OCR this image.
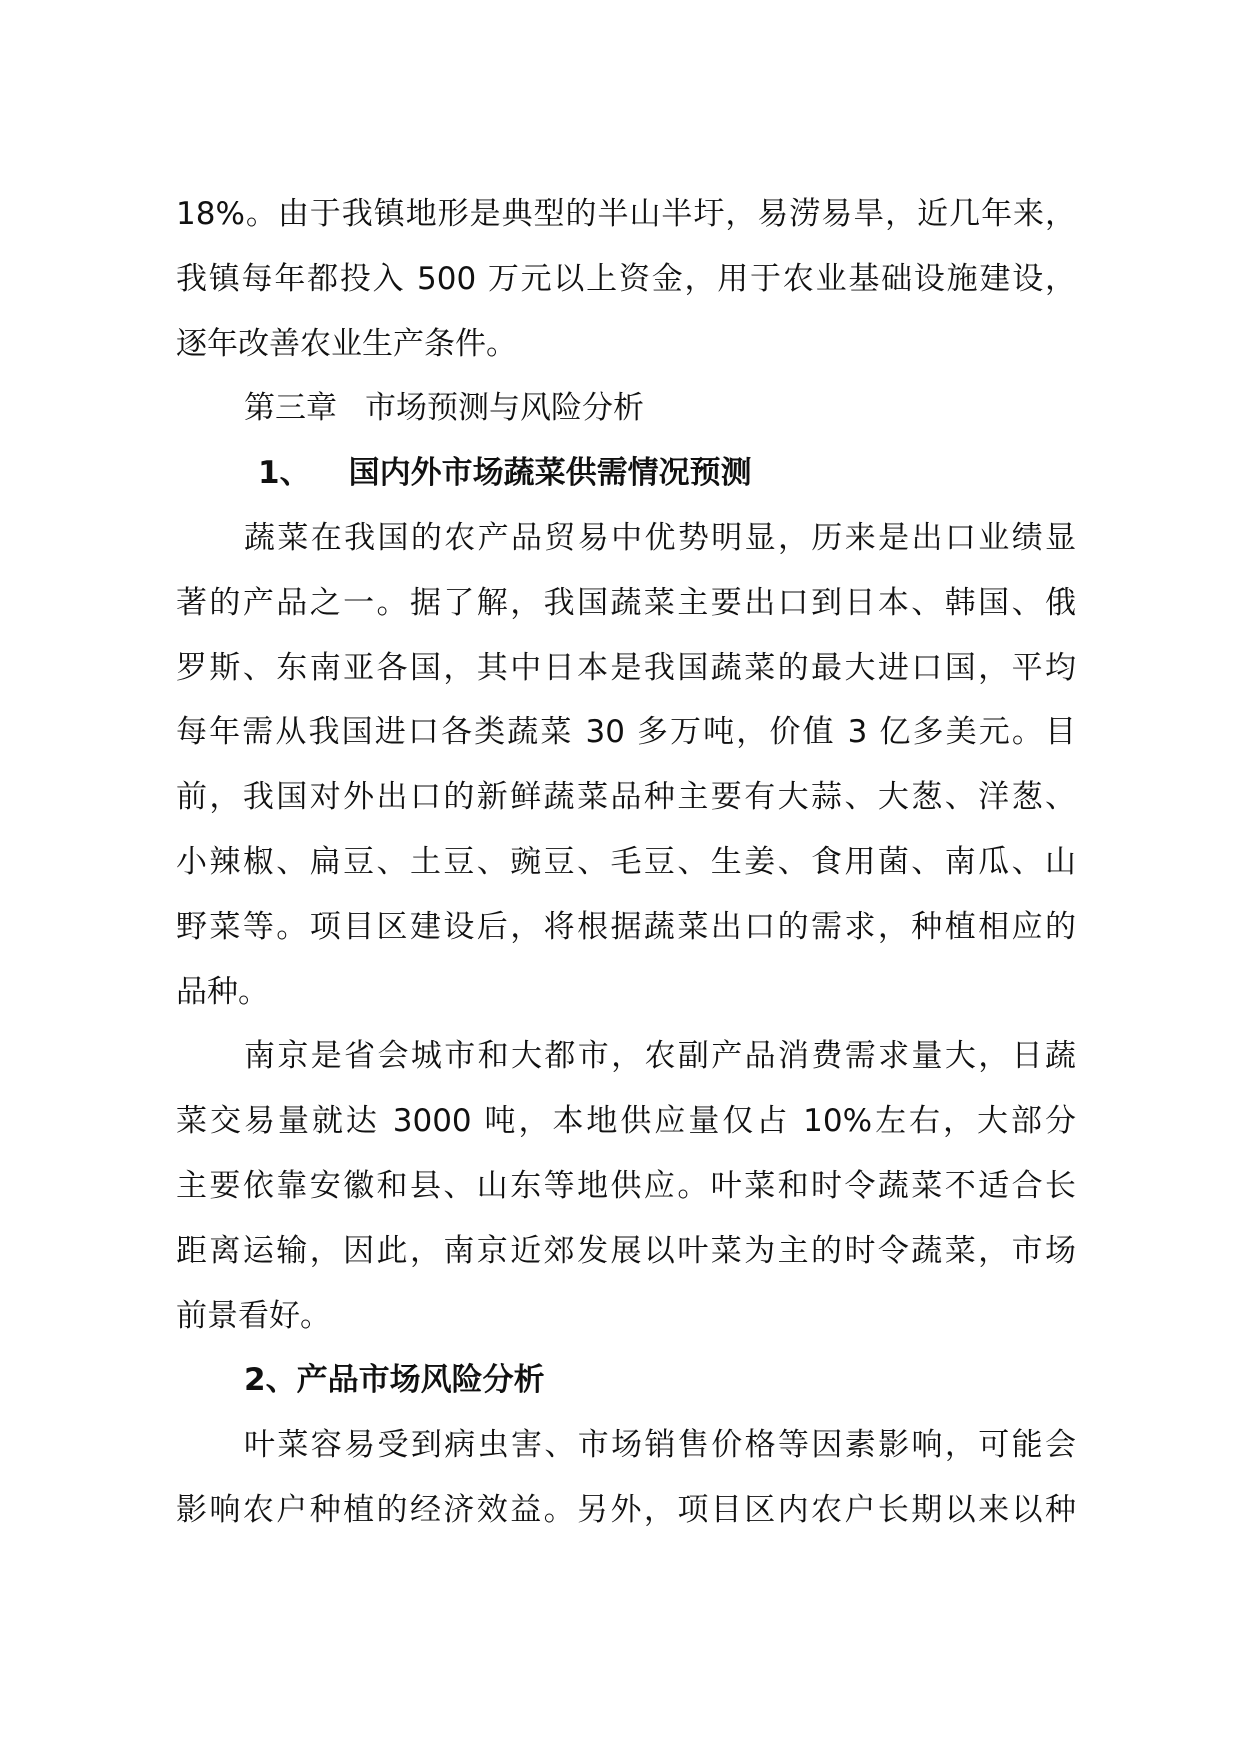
18%。由于我镇地形是典型的半山半圩，易涝易旱，近几年来，
我镇每年都投入 500 万元以上资金，用于农业基础设施建设，
逐年改善农业生产条件。
第三章 市场预测与风险分析
1、 国内外市场蔬菜供需情况预测
蔬菜在我国的农产品贸易中优势明显，历来是出口业绩显
著的产品之一。据了解，我国蔬菜主要出口到日本、韩国、俄
罗斯、东南亚各国，其中日本是我国蔬菜的最大进口国，平均
每年需从我国进口各类蔬菜 30 多万吨，价值 3 亿多美元。目
前，我国对外出口的新鲜蔬菜品种主要有大蒜、大葱、洋葱、
小辣椒、扁豆、土豆、豌豆、毛豆、生姜、食用菌、南瓜、山
野菜等。项目区建设后，将根据蔬菜出口的需求，种植相应的
品种。
南京是省会城市和大都市，农副产品消费需求量大，日蔬
菜交易量就达 3000 吨，本地供应量仅占 10%左右，大部分
主要依靠安徽和县、山东等地供应。叶菜和时令蔬菜不适合长
距离运输，因此，南京近郊发展以叶菜为主的时令蔬菜，市场
前景看好。
2、产品市场风险分析
叶菜容易受到病虫害、市场销售价格等因素影响，可能会
影响农户种植的经济效益。另外，项目区内农户长期以来以种
